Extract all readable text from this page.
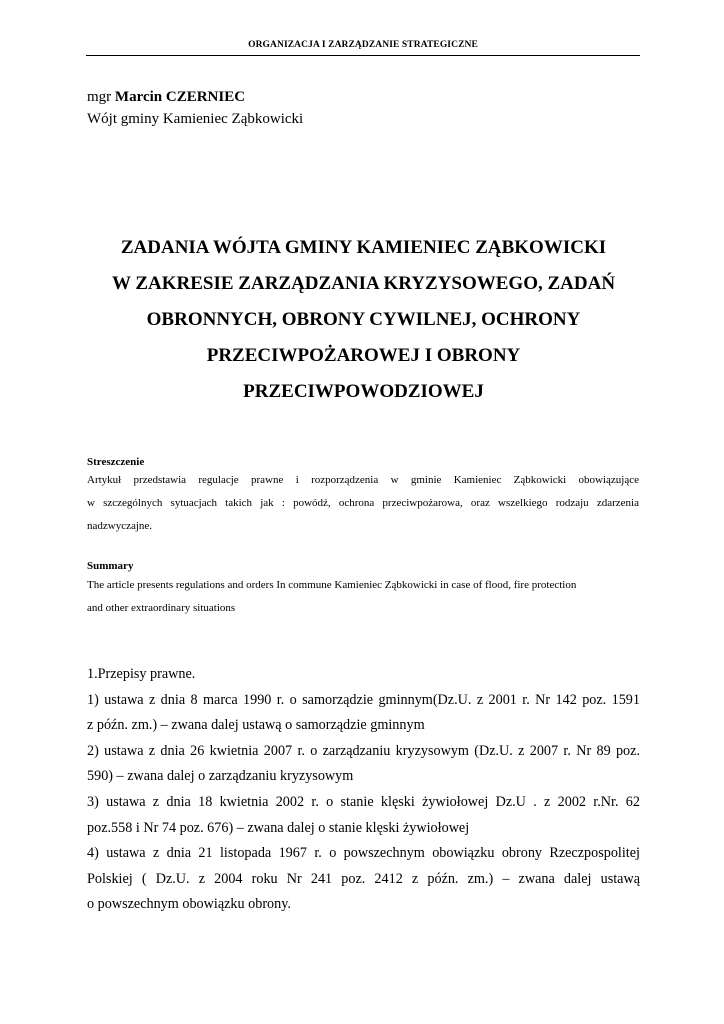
ORGANIZACJA I ZARZĄDZANIE STRATEGICZNE
mgr Marcin CZERNIEC
Wójt gminy Kamieniec Ząbkowicki
ZADANIA WÓJTA GMINY KAMIENIEC ZĄBKOWICKI
W ZAKRESIE ZARZĄDZANIA KRYZYSOWEGO, ZADAŃ
OBRONNYCH, OBRONY CYWILNEJ, OCHRONY
PRZECIWPOŻAROWEJ I OBRONY
PRZECIWPOWODZIOWEJ
Streszczenie
Artykuł przedstawia regulacje prawne i rozporządzenia w gminie Kamieniec Ząbkowicki obowiązujące
w szczególnych sytuacjach takich jak : powódź, ochrona przeciwpożarowa, oraz wszelkiego rodzaju zdarzenia
nadzwyczajne.
Summary
The article presents regulations and orders In commune Kamieniec Ząbkowicki in case of flood, fire protection
and other extraordinary situations
1.Przepisy prawne.
1) ustawa z dnia 8 marca 1990 r. o samorządzie gminnym(Dz.U. z 2001 r. Nr 142 poz. 1591
z późn. zm.) – zwana dalej ustawą o samorządzie gminnym
2) ustawa z dnia 26 kwietnia 2007 r. o zarządzaniu kryzysowym (Dz.U. z 2007 r. Nr 89 poz.
590) – zwana dalej o zarządzaniu kryzysowym
3) ustawa z dnia 18 kwietnia 2002 r. o stanie klęski żywiołowej Dz.U . z 2002 r.Nr. 62
poz.558 i Nr 74 poz. 676) – zwana dalej o stanie klęski żywiołowej
4) ustawa z dnia 21 listopada 1967 r. o powszechnym obowiązku obrony Rzeczpospolitej
Polskiej ( Dz.U. z 2004 roku Nr 241 poz. 2412 z późn. zm.) – zwana dalej ustawą
o powszechnym obowiązku obrony.
